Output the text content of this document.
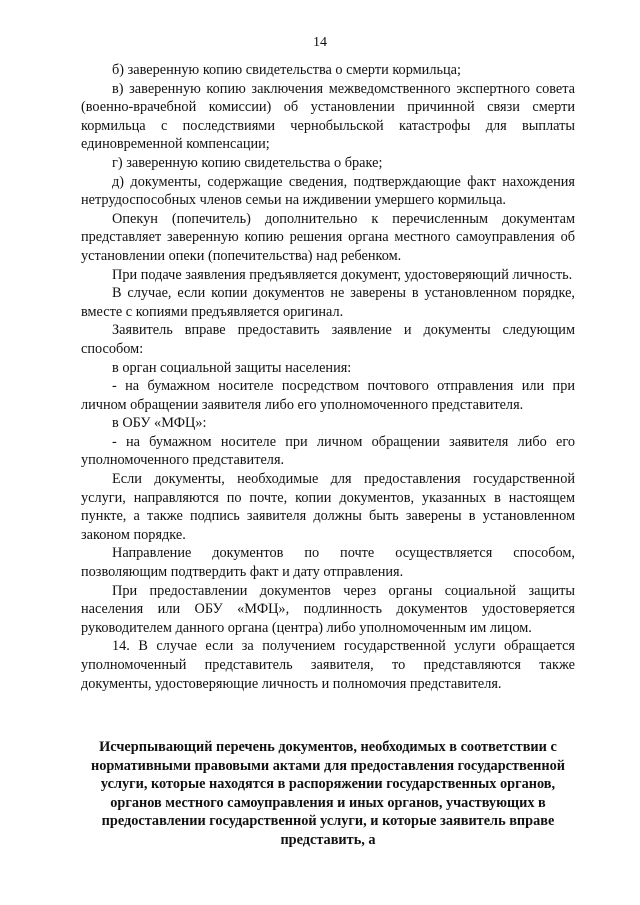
14

б) заверенную копию свидетельства о смерти кормильца;

в) заверенную копию заключения межведомственного экспертного совета (военно-врачебной комиссии) об установлении причинной связи смерти кормильца с последствиями чернобыльской катастрофы для выплаты единовременной компенсации;

г) заверенную копию свидетельства о браке;

д) документы, содержащие сведения, подтверждающие факт нахождения нетрудоспособных членов семьи на иждивении умершего кормильца.

Опекун (попечитель) дополнительно к перечисленным документам представляет заверенную копию решения органа местного самоуправления об установлении опеки (попечительства) над ребенком.

При подаче заявления предъявляется документ, удостоверяющий личность.

В случае, если копии документов не заверены в установленном порядке, вместе с копиями предъявляется оригинал.

Заявитель вправе предоставить заявление и документы следующим способом:

в орган социальной защиты населения:

- на бумажном носителе посредством почтового отправления или при личном обращении заявителя либо его уполномоченного представителя.

в ОБУ «МФЦ»:

- на бумажном носителе при личном обращении заявителя либо его уполномоченного представителя.

Если документы, необходимые для предоставления государственной услуги, направляются по почте, копии документов, указанных в настоящем пункте, а также подпись заявителя должны быть заверены в установленном законом порядке.

Направление документов по почте осуществляется способом, позволяющим подтвердить факт и дату отправления.

При предоставлении документов через органы социальной защиты населения или ОБУ «МФЦ», подлинность документов удостоверяется руководителем данного органа (центра) либо уполномоченным им лицом.

14. В случае если за получением государственной услуги обращается уполномоченный представитель заявителя, то представляются также документы, удостоверяющие личность и полномочия представителя.

Исчерпывающий перечень документов, необходимых в соответствии с нормативными правовыми актами для предоставления государственной услуги, которые находятся в распоряжении государственных органов, органов местного самоуправления и иных органов, участвующих в предоставлении государственной услуги, и которые заявитель вправе представить, а
